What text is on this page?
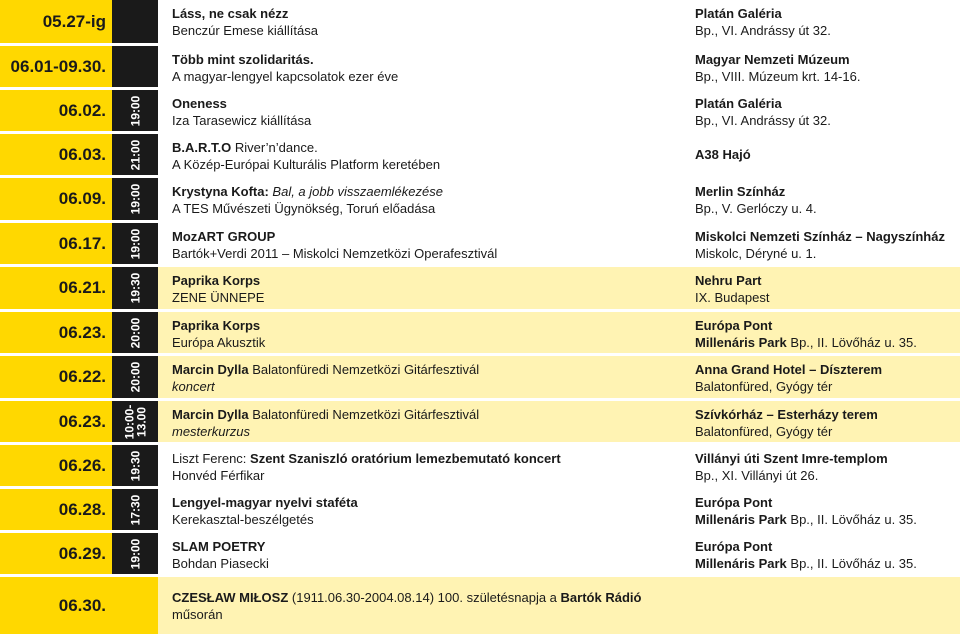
05.27-ig	Láss, ne csak nézz
Benczúr Emese kiállítása
Platán Galéria
Bp., VI. Andrássy út 32.
06.01-09.30.	Több mint szolidaritás.
A magyar-lengyel kapcsolatok ezer éve
Magyar Nemzeti Múzeum
Bp., VIII. Múzeum krt. 14-16.
06.02.	19:00 Oneness
Iza Tarasewicz kiállítása
Platán Galéria
Bp., VI. Andrássy út 32.
06.03.	21:00 B.A.R.T.O River’n’dance.
A Közép-Európai Kulturális Platform keretében
A38 Hajó
06.09.	19:00 Krystyna Kofta: Bal, a jobb visszaemlékezése
A TES Művészeti Ügynökség, Toruń előadása
Merlin Színház
Bp., V. Gerlóczy u. 4.
06.17.	19:00 MozART GROUP
Bartók+Verdi 2011 – Miskolci Nemzetközi Operafesztivál
Miskolci Nemzeti Színház – Nagyszínház
Miskolc, Déryné u. 1.
06.21.	19:30 Paprika Korps
ZENE ÜNNEPE
Nehru Part
IX. Budapest
06.23.	20:00 Paprika Korps
Európa Akusztik
Európa Pont
Millenáris Park Bp., II. Lövőház u. 35.
06.22.	20:00 Marcin Dylla Balatonfüredi Nemzetközi Gitárfesztivál
koncert
Anna Grand Hotel – Díszterem
Balatonfüred, Gyógy tér
06.23.	10:00-
13.00 Marcin Dylla Balatonfüredi Nemzetközi Gitárfesztivál
mesterkurzus
Szívkórház – Esterházy terem
Balatonfüred, Gyógy tér
06.26.	19:30 Liszt Ferenc: Szent Szaniszló oratórium lemezbemutató koncert
Honvéd Férfikar
Villányi úti Szent Imre-templom
Bp., XI. Villányi út 26.
06.28.	17:30 Lengyel-magyar nyelvi staféta
Kerekasztal-beszélgetés
Európa Pont
Millenáris Park Bp., II. Lövőház u. 35.
06.29.	19:00 SLAM POETRY
Bohdan Piasecki
Európa Pont
Millenáris Park Bp., II. Lövőház u. 35.
06.30.	CZESŁAW MIŁOSZ (1911.06.30-2004.08.14) 100. születésnapja a Bartók Rádió műsorán
